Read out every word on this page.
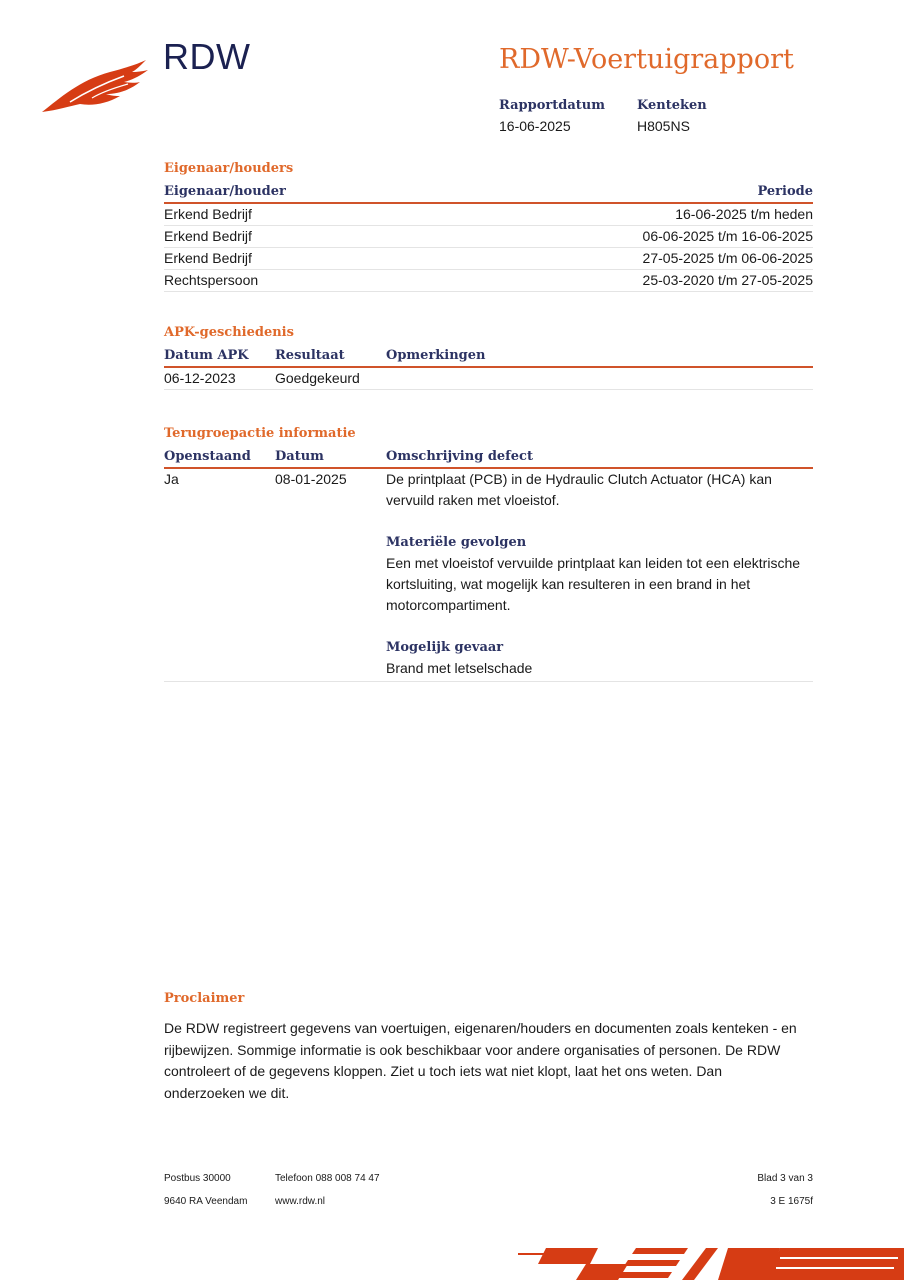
RDW	RDW-Voertuigrapport
Rapportdatum
16-06-2025
Kenteken
H805NS
Eigenaar/houders
Eigenaar/houder	Periode
Erkend Bedrijf	16-06-2025 t/m heden
Erkend Bedrijf	06-06-2025 t/m 16-06-2025
Erkend Bedrijf	27-05-2025 t/m 06-06-2025
Rechtspersoon	25-03-2020 t/m 27-05-2025
APK-geschiedenis
Datum APK	Resultaat	Opmerkingen
06-12-2023	Goedgekeurd
Terugroepactie informatie
Openstaand	Datum	Omschrijving defect
Ja	08-01-2025	De printplaat (PCB) in de Hydraulic Clutch Actuator (HCA) kan vervuild raken met vloeistof.
Materiële gevolgen
Een met vloeistof vervuilde printplaat kan leiden tot een elektrische kortsluiting, wat mogelijk kan resulteren in een brand in het motorcompartiment.
Mogelijk gevaar
Brand met letselschade
Proclaimer
De RDW registreert gegevens van voertuigen, eigenaren/houders en documenten zoals kenteken - en rijbewijzen. Sommige informatie is ook beschikbaar voor andere organisaties of personen. De RDW controleert of de gegevens kloppen. Ziet u toch iets wat niet klopt, laat het ons weten. Dan onderzoeken we dit.
Postbus 30000
9640 RA Veendam
Telefoon 088 008 74 47
www.rdw.nl
Blad 3 van 3
3 E 1675f
